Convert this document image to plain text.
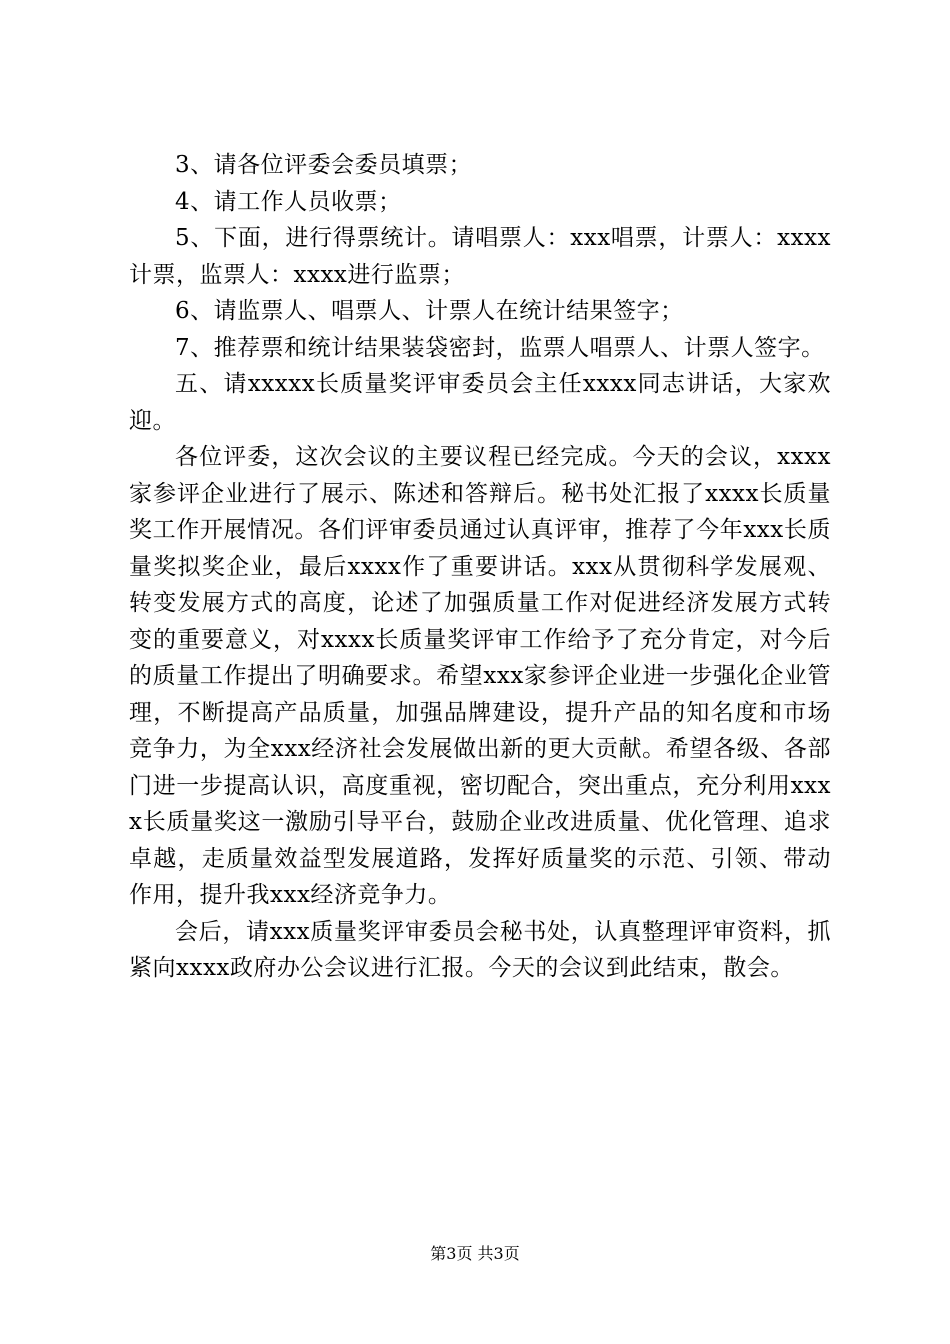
3、请各位评委会委员填票；

4、请工作人员收票；

5、下面，进行得票统计。请唱票人：xxx唱票，计票人：xxxx计票，监票人：xxxx进行监票；

6、请监票人、唱票人、计票人在统计结果签字；

7、推荐票和统计结果装袋密封，监票人唱票人、计票人签字。

五、请xxxxx长质量奖评审委员会主任xxxx同志讲话，大家欢迎。

各位评委，这次会议的主要议程已经完成。今天的会议，xxxx家参评企业进行了展示、陈述和答辩后。秘书处汇报了xxxx长质量奖工作开展情况。各们评审委员通过认真评审，推荐了今年xxx长质量奖拟奖企业，最后xxxx作了重要讲话。xxx从贯彻科学发展观、转变发展方式的高度，论述了加强质量工作对促进经济发展方式转变的重要意义，对xxxx长质量奖评审工作给予了充分肯定，对今后的质量工作提出了明确要求。希望xxx家参评企业进一步强化企业管理，不断提高产品质量，加强品牌建设，提升产品的知名度和市场竞争力，为全xxx经济社会发展做出新的更大贡献。希望各级、各部门进一步提高认识，高度重视，密切配合，突出重点，充分利用xxxx长质量奖这一激励引导平台，鼓励企业改进质量、优化管理、追求卓越，走质量效益型发展道路，发挥好质量奖的示范、引领、带动作用，提升我xxx经济竞争力。

会后，请xxx质量奖评审委员会秘书处，认真整理评审资料，抓紧向xxxx政府办公会议进行汇报。今天的会议到此结束，散会。

第3页 共3页
